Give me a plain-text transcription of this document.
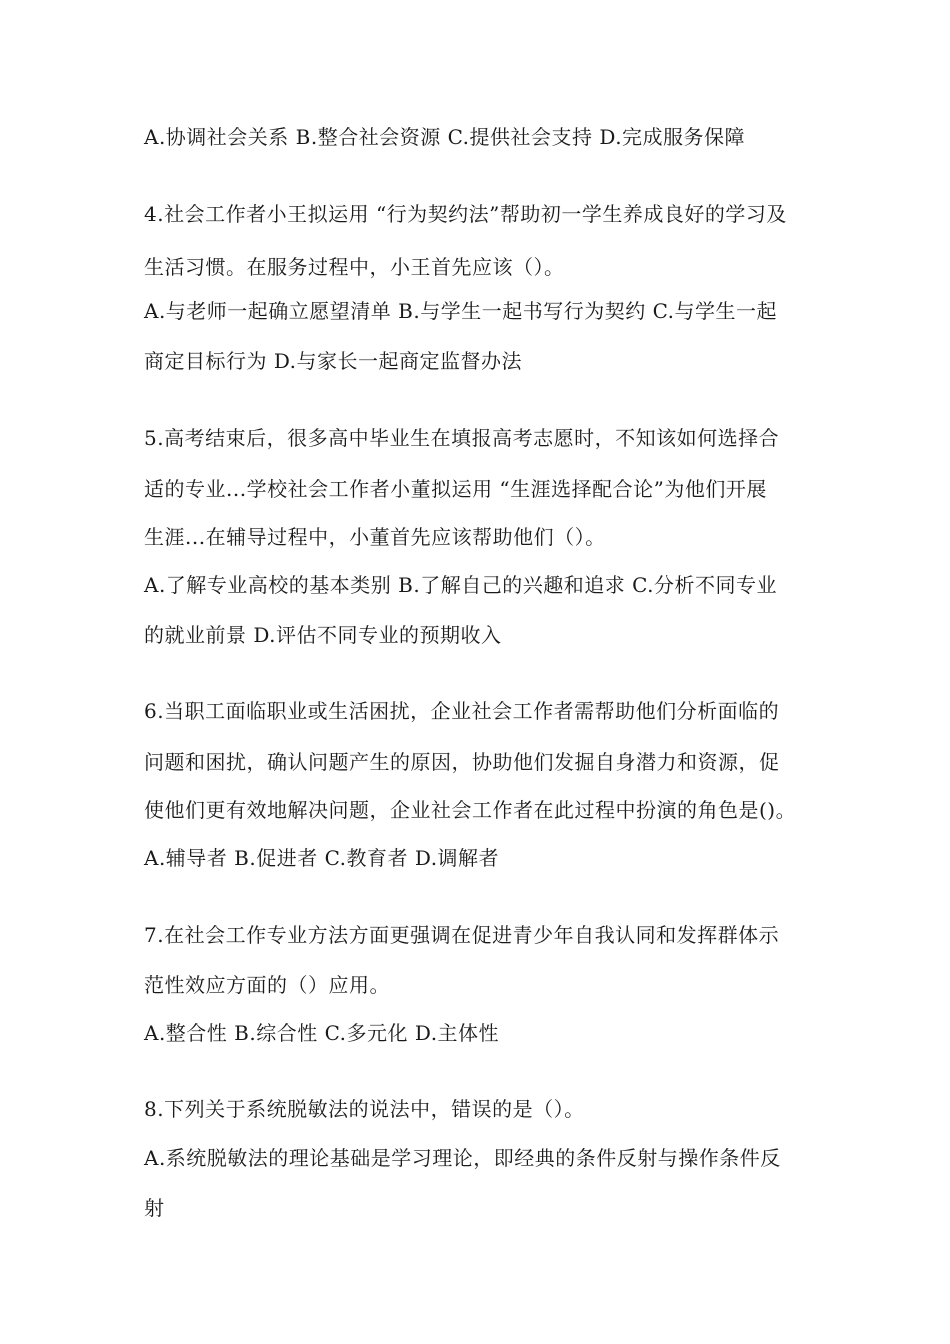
A.协调社会关系 B.整合社会资源 C.提供社会支持 D.完成服务保障
4.社会工作者小王拟运用 “行为契约法”帮助初一学生养成良好的学习及
生活习惯。在服务过程中，小王首先应该（）。
A.与老师一起确立愿望清单 B.与学生一起书写行为契约 C.与学生一起
商定目标行为 D.与家长一起商定监督办法
5.高考结束后，很多高中毕业生在填报高考志愿时，不知该如何选择合
适的专业...学校社会工作者小董拟运用 “生涯选择配合论”为他们开展
生涯...在辅导过程中，小董首先应该帮助他们（）。
A.了解专业高校的基本类别 B.了解自己的兴趣和追求 C.分析不同专业
的就业前景 D.评估不同专业的预期收入
6.当职工面临职业或生活困扰，企业社会工作者需帮助他们分析面临的
问题和困扰，确认问题产生的原因，协助他们发掘自身潜力和资源，促
使他们更有效地解决问题，企业社会工作者在此过程中扮演的角色是()。
A.辅导者 B.促进者 C.教育者 D.调解者
7.在社会工作专业方法方面更强调在促进青少年自我认同和发挥群体示
范性效应方面的（）应用。
A.整合性 B.综合性 C.多元化 D.主体性
8.下列关于系统脱敏法的说法中，错误的是（）。
A.系统脱敏法的理论基础是学习理论，即经典的条件反射与操作条件反
射
